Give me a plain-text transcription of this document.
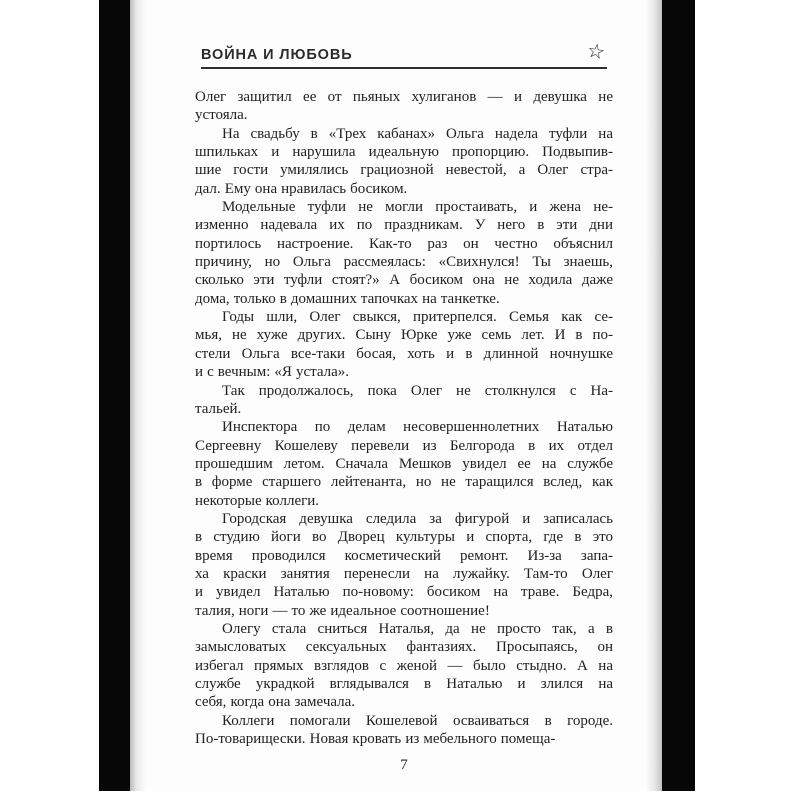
ВОЙНА И ЛЮБОВЬ	☆
Олег защитил ее от пьяных хулиганов — и девушка не
устояла.
На свадьбу в «Трех кабанах» Ольга надела туфли на
шпильках и нарушила идеальную пропорцию. Подвыпив-
шие гости умилялись грациозной невестой, а Олег стра-
дал. Ему она нравилась босиком.
Модельные туфли не могли простаивать, и жена не-
изменно надевала их по праздникам. У него в эти дни
портилось настроение. Как-то раз он честно объяснил
причину, но Ольга рассмеялась: «Свихнулся! Ты знаешь,
сколько эти туфли стоят?» А босиком она не ходила даже
дома, только в домашних тапочках на танкетке.
Годы шли, Олег свыкся, притерпелся. Семья как се-
мья, не хуже других. Сыну Юрке уже семь лет. И в по-
стели Ольга все-таки босая, хоть и в длинной ночнушке
и с вечным: «Я устала».
Так продолжалось, пока Олег не столкнулся с На-
тальей.
Инспектора по делам несовершеннолетних Наталью
Сергеевну Кошелеву перевели из Белгорода в их отдел
прошедшим летом. Сначала Мешков увидел ее на службе
в форме старшего лейтенанта, но не таращился вслед, как
некоторые коллеги.
Городская девушка следила за фигурой и записалась
в студию йоги во Дворец культуры и спорта, где в это
время проводился косметический ремонт. Из-за запа-
ха краски занятия перенесли на лужайку. Там-то Олег
и увидел Наталью по-новому: босиком на траве. Бедра,
талия, ноги — то же идеальное соотношение!
Олегу стала сниться Наталья, да не просто так, а в
замысловатых сексуальных фантазиях. Просыпаясь, он
избегал прямых взглядов с женой — было стыдно. А на
службе украдкой вглядывался в Наталью и злился на
себя, когда она замечала.
Коллеги помогали Кошелевой осваиваться в городе.
По-товарищески. Новая кровать из мебельного помеща-
7
